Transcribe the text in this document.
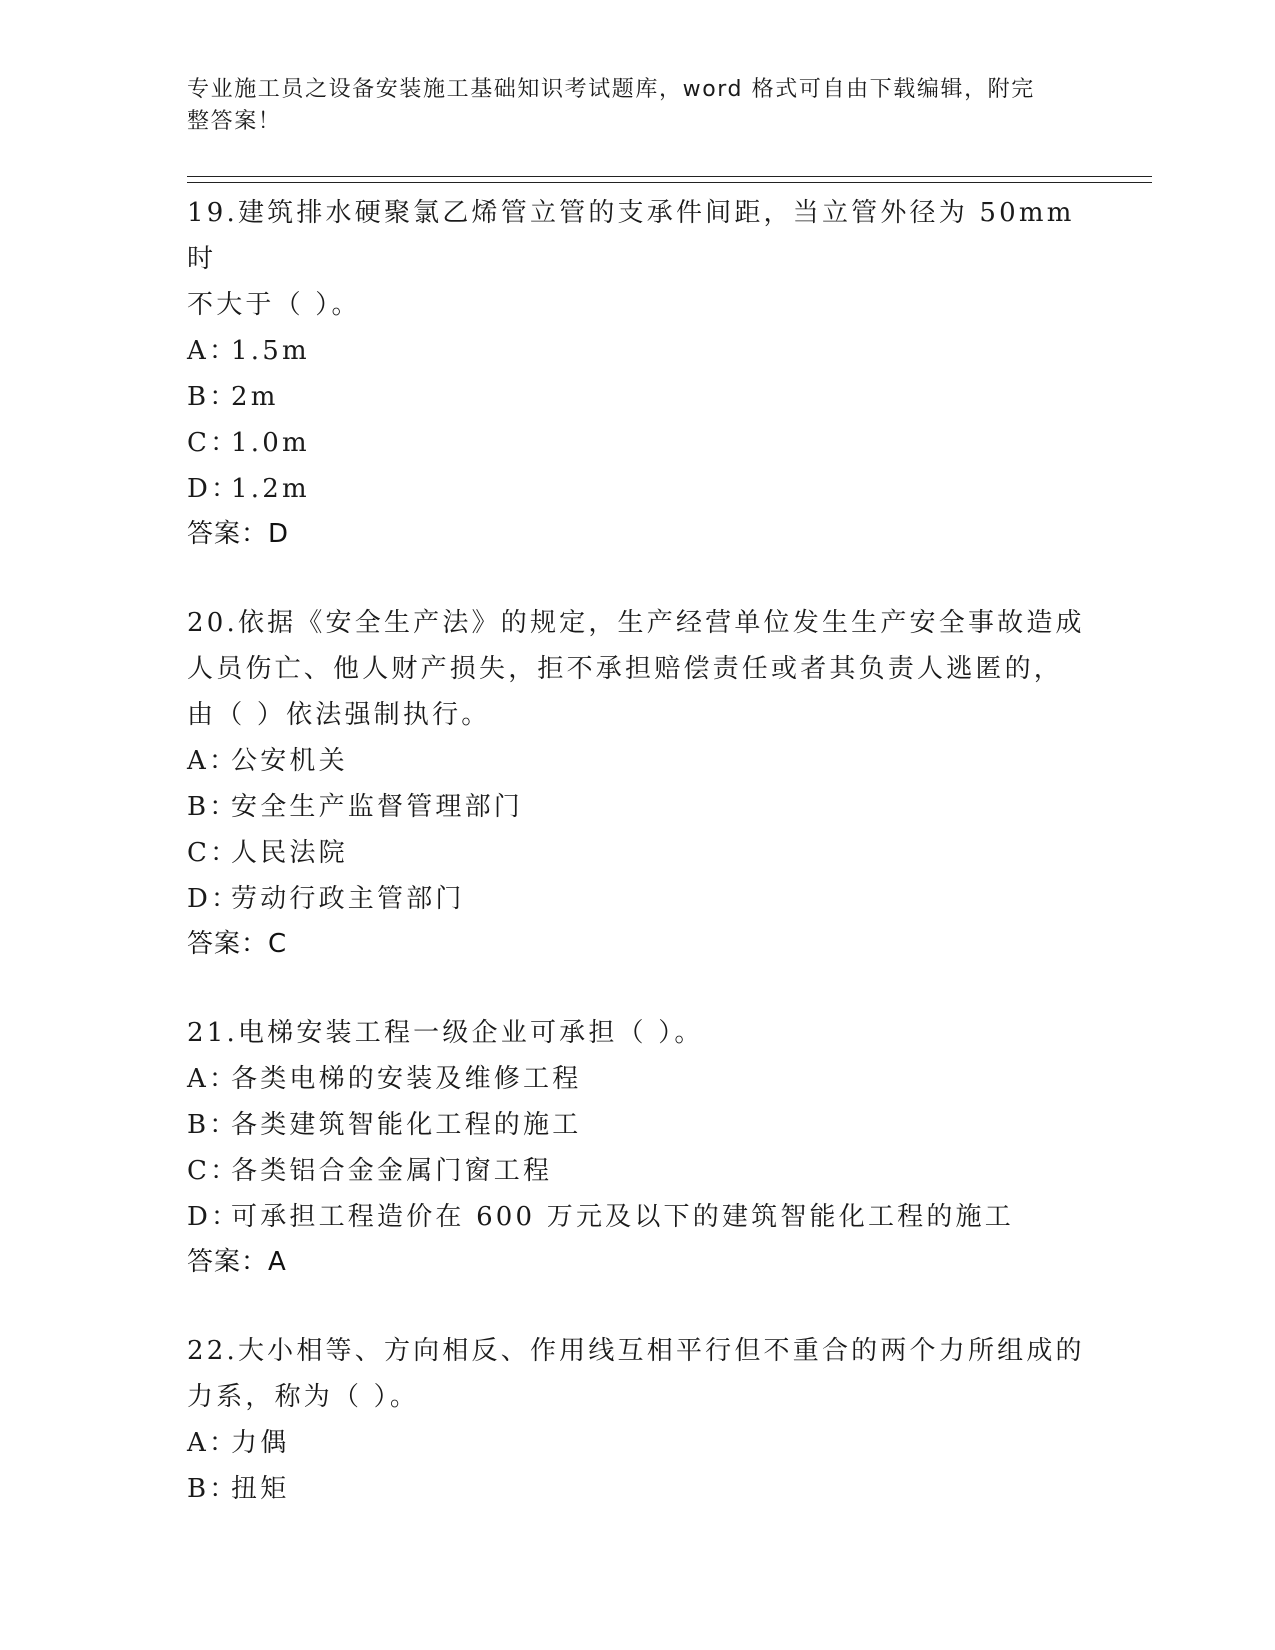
专业施工员之设备安装施工基础知识考试题库，word 格式可自由下载编辑，附完
整答案！
19.建筑排水硬聚氯乙烯管立管的支承件间距，当立管外径为 50mm 时
不大于（ ）。
A：1.5m
B：2m
C：1.0m
D：1.2m
答案：D
20.依据《安全生产法》的规定，生产经营单位发生生产安全事故造成
人员伤亡、他人财产损失，拒不承担赔偿责任或者其负责人逃匿的，
由（ ）依法强制执行。
A：公安机关
B：安全生产监督管理部门
C：人民法院
D：劳动行政主管部门
答案：C
21.电梯安装工程一级企业可承担（ ）。
A：各类电梯的安装及维修工程
B：各类建筑智能化工程的施工
C：各类铝合金金属门窗工程
D：可承担工程造价在 600 万元及以下的建筑智能化工程的施工
答案：A
22.大小相等、方向相反、作用线互相平行但不重合的两个力所组成的
力系，称为（ ）。
A：力偶
B：扭矩
